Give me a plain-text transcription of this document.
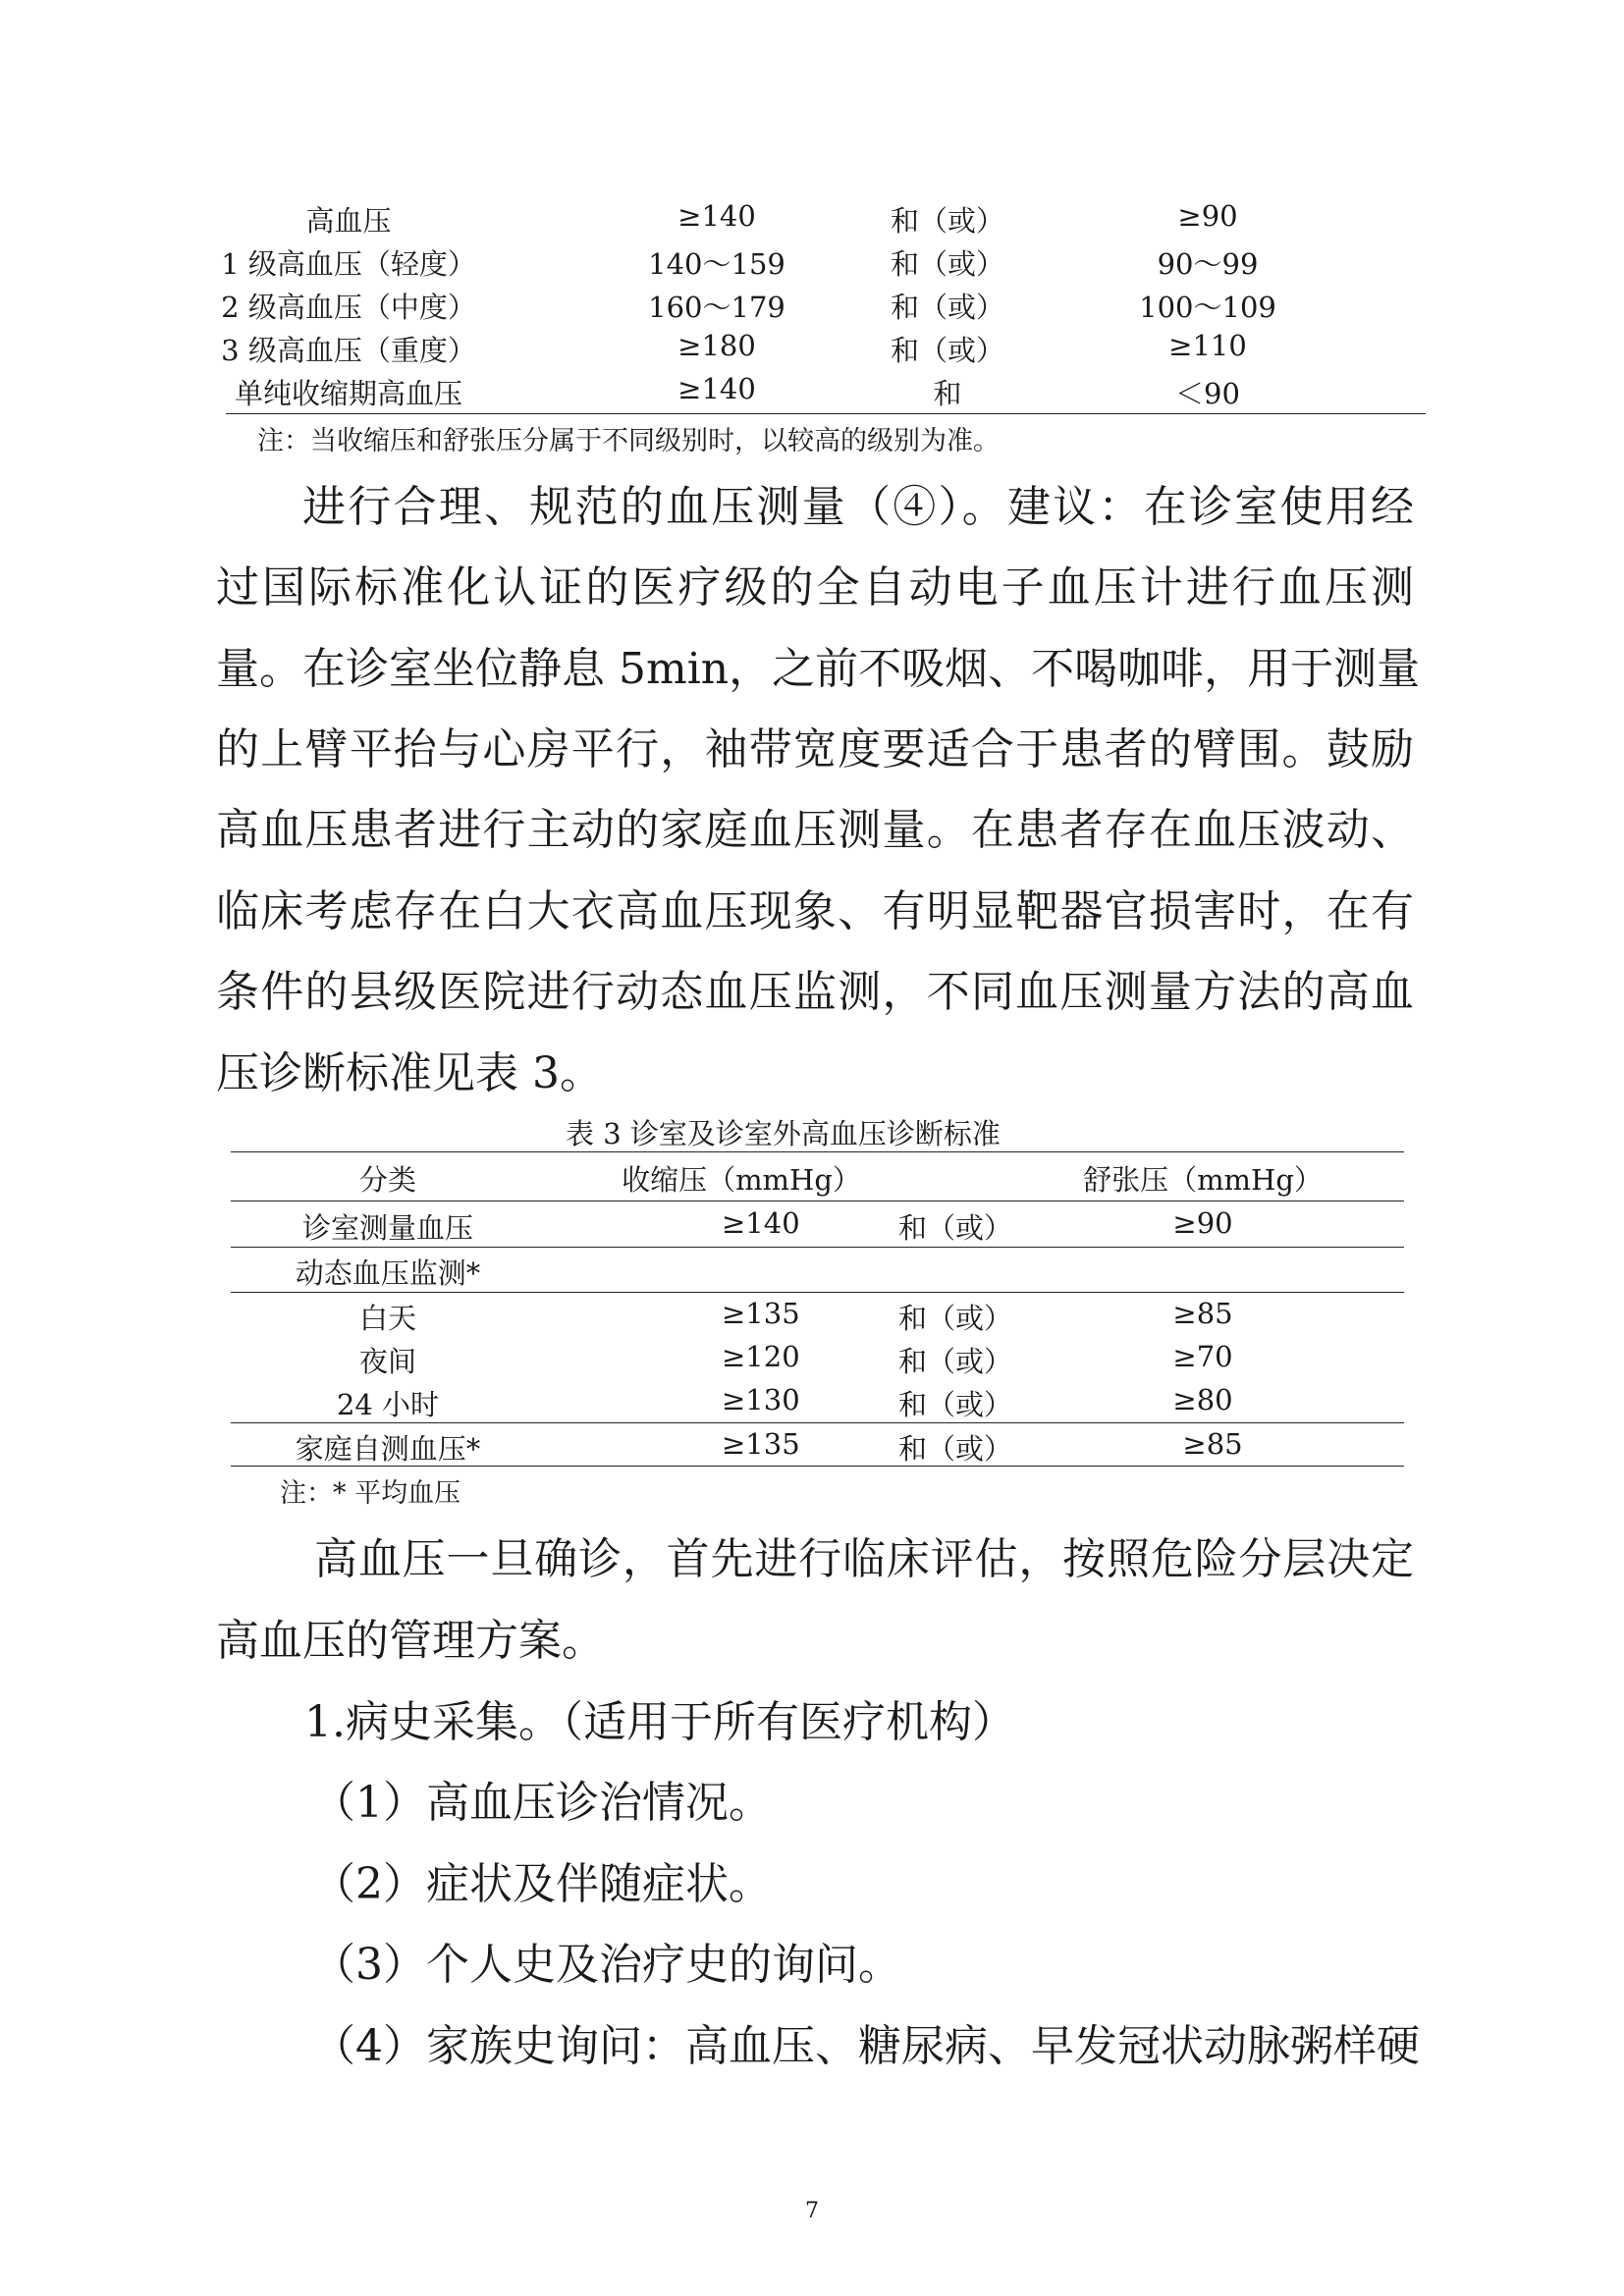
高血压	≥140	和（或）	≥90
1 级高血压（轻度）	140～159	和（或）	90～99
2 级高血压（中度）	160～179	和（或）	100～109
3 级高血压（重度）	≥180	和（或）	≥110
单纯收缩期高血压	≥140	和	＜90
注：当收缩压和舒张压分属于不同级别时，以较高的级别为准。
进行合理、规范的血压测量（④）。建议：在诊室使用经
过国际标准化认证的医疗级的全自动电子血压计进行血压测
量。在诊室坐位静息 5min，之前不吸烟、不喝咖啡，用于测量
的上臂平抬与心房平行，袖带宽度要适合于患者的臂围。鼓励
高血压患者进行主动的家庭血压测量。在患者存在血压波动、
临床考虑存在白大衣高血压现象、有明显靶器官损害时，在有
条件的县级医院进行动态血压监测，不同血压测量方法的高血
压诊断标准见表 3。
表 3 诊室及诊室外高血压诊断标准
分类	收缩压（mmHg）	舒张压（mmHg）
诊室测量血压	≥140	和（或）	≥90
动态血压监测*
白天	≥135	和（或）	≥85
夜间	≥120	和（或）	≥70
24 小时	≥130	和（或）	≥80
家庭自测血压*	≥135	和（或）	≥85
注：* 平均血压
高血压一旦确诊，首先进行临床评估，按照危险分层决定
高血压的管理方案。
1.病史采集。（适用于所有医疗机构）
（1）高血压诊治情况。
（2）症状及伴随症状。
（3）个人史及治疗史的询问。
（4）家族史询问：高血压、糖尿病、早发冠状动脉粥样硬
7
